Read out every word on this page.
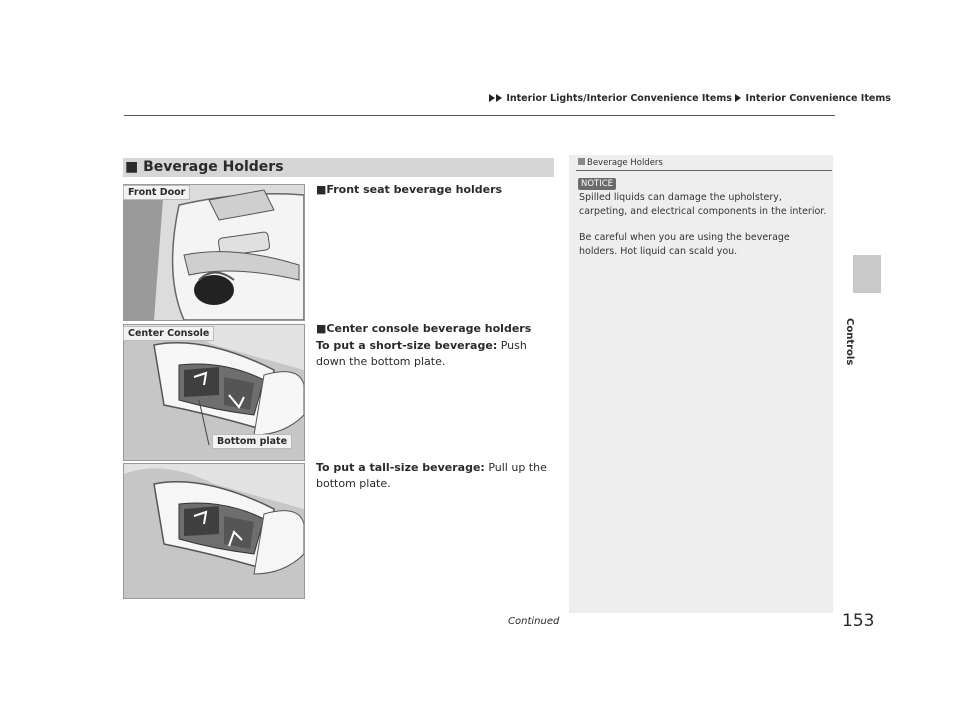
Interior Lights/Interior Convenience Items Interior Convenience Items
■ Beverage Holders
Front Door
Center Console
Bottom plate
■Front seat beverage holders
■Center console beverage holders
To put a short-size beverage: Push down the bottom plate.
To put a tall-size beverage: Pull up the bottom plate.
Beverage Holders
NOTICE
Spilled liquids can damage the upholstery, carpeting, and electrical components in the interior.
Be careful when you are using the beverage holders. Hot liquid can scald you.
Controls
Continued	153
